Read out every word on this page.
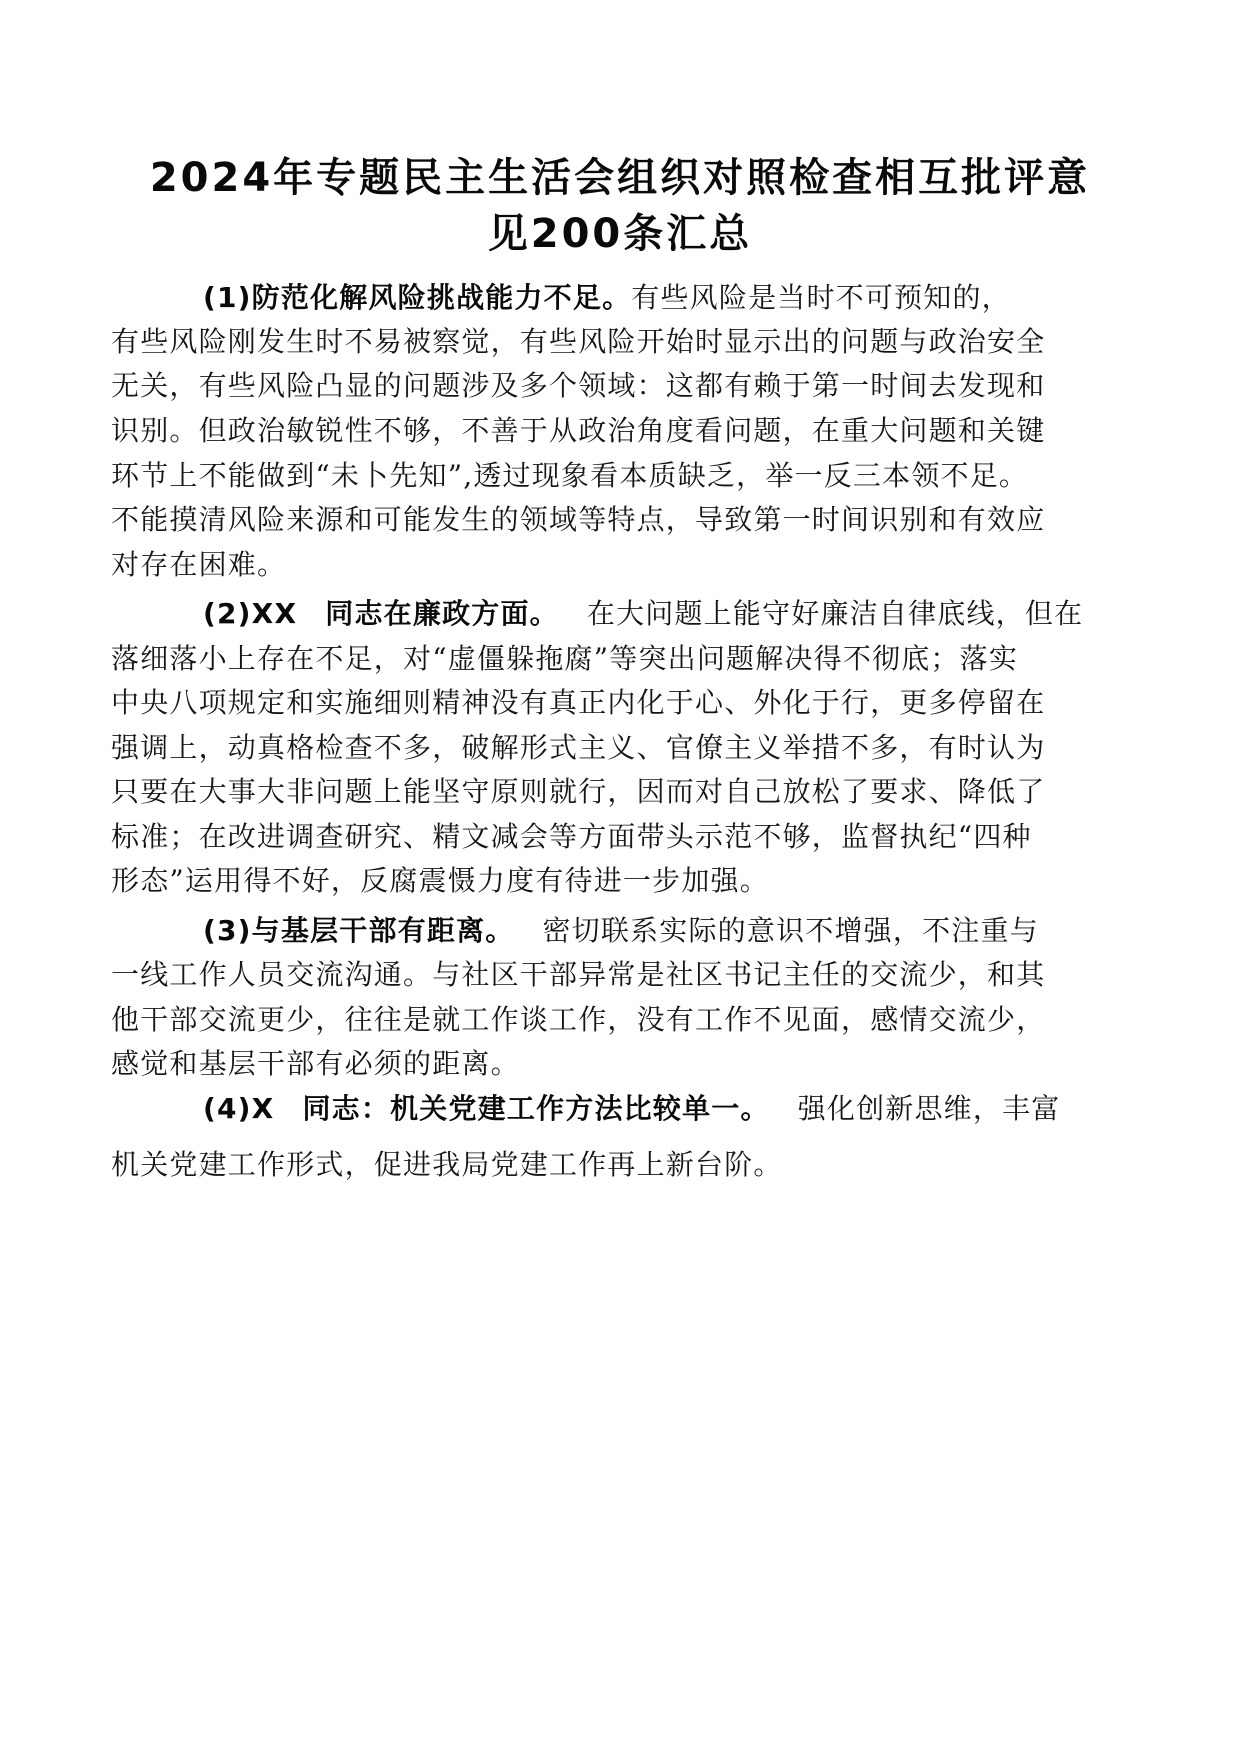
2024年专题民主生活会组织对照检查相互批评意
见200条汇总
(1)防范化解风险挑战能力不足。有些风险是当时不可预知的，
有些风险刚发生时不易被察觉，有些风险开始时显示出的问题与政治安全
无关，有些风险凸显的问题涉及多个领域：这都有赖于第一时间去发现和
识别。但政治敏锐性不够，不善于从政治角度看问题，在重大问题和关键
环节上不能做到“未卜先知”,透过现象看本质缺乏，举一反三本领不足。
不能摸清风险来源和可能发生的领域等特点，导致第一时间识别和有效应
对存在困难。
(2)XX 同志在廉政方面。 在大问题上能守好廉洁自律底线，但在
落细落小上存在不足，对“虚僵躲拖腐”等突出问题解决得不彻底；落实
中央八项规定和实施细则精神没有真正内化于心、外化于行，更多停留在
强调上，动真格检查不多，破解形式主义、官僚主义举措不多，有时认为
只要在大事大非问题上能坚守原则就行，因而对自己放松了要求、降低了
标准；在改进调查研究、精文减会等方面带头示范不够，监督执纪“四种
形态”运用得不好，反腐震慑力度有待进一步加强。
(3)与基层干部有距离。 密切联系实际的意识不增强，不注重与
一线工作人员交流沟通。与社区干部异常是社区书记主任的交流少，和其
他干部交流更少，往往是就工作谈工作，没有工作不见面，感情交流少，
感觉和基层干部有必须的距离。
(4)X 同志：机关党建工作方法比较单一。 强化创新思维，丰富
机关党建工作形式，促进我局党建工作再上新台阶。
